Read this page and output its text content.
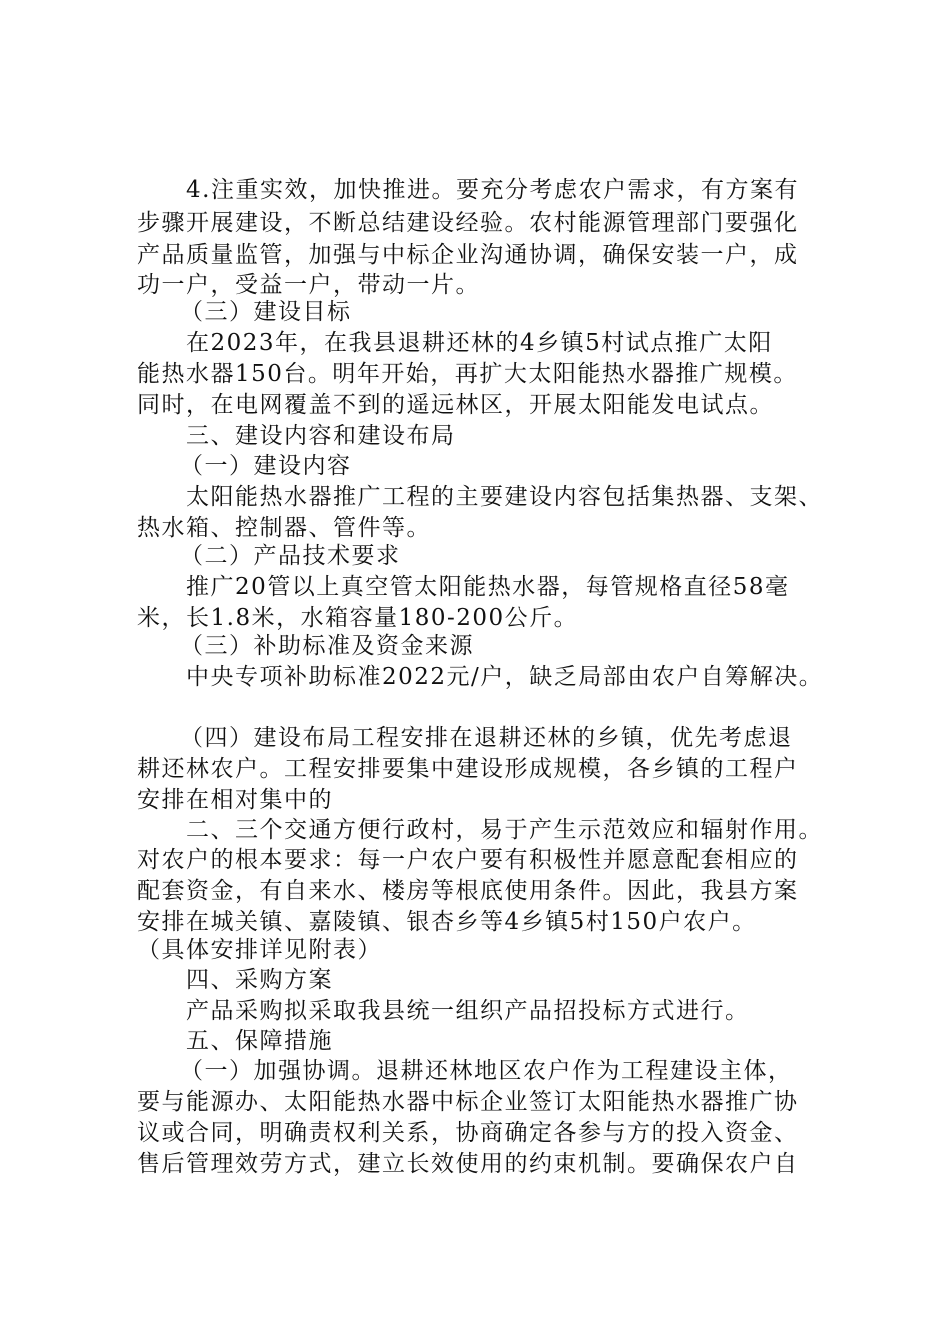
4.注重实效，加快推进。要充分考虑农户需求，有方案有
步骤开展建设，不断总结建设经验。农村能源管理部门要强化
产品质量监管，加强与中标企业沟通协调，确保安装一户，成
功一户，受益一户，带动一片。
（三）建设目标
在2023年，在我县退耕还林的4乡镇5村试点推广太阳
能热水器150台。明年开始，再扩大太阳能热水器推广规模。
同时，在电网覆盖不到的遥远林区，开展太阳能发电试点。
三、建设内容和建设布局
（一）建设内容
太阳能热水器推广工程的主要建设内容包括集热器、支架、
热水箱、控制器、管件等。
（二）产品技术要求
推广20管以上真空管太阳能热水器，每管规格直径58毫
米，长1.8米，水箱容量180-200公斤。
（三）补助标准及资金来源
中央专项补助标准2022元/户，缺乏局部由农户自筹解决。
（四）建设布局工程安排在退耕还林的乡镇，优先考虑退
耕还林农户。工程安排要集中建设形成规模，各乡镇的工程户
安排在相对集中的
二、三个交通方便行政村，易于产生示范效应和辐射作用。
对农户的根本要求：每一户农户要有积极性并愿意配套相应的
配套资金，有自来水、楼房等根底使用条件。因此，我县方案
安排在城关镇、嘉陵镇、银杏乡等4乡镇5村150户农户。
（具体安排详见附表）
四、采购方案
产品采购拟采取我县统一组织产品招投标方式进行。
五、保障措施
（一）加强协调。退耕还林地区农户作为工程建设主体，
要与能源办、太阳能热水器中标企业签订太阳能热水器推广协
议或合同，明确责权利关系，协商确定各参与方的投入资金、
售后管理效劳方式，建立长效使用的约束机制。要确保农户自
